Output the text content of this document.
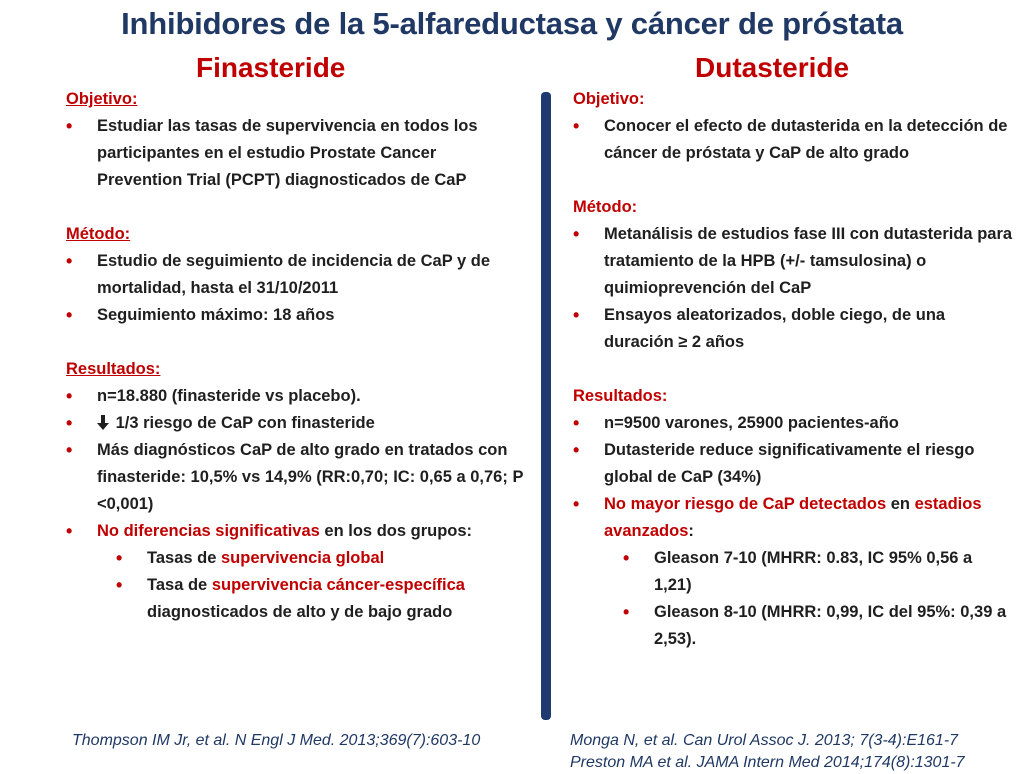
Inhibidores de la 5-alfareductasa y cáncer de próstata
Finasteride	Dutasteride

Objetivo:

• Estudiar las tasas de supervivencia en todos los participantes en el estudio Prostate Cancer Prevention Trial (PCPT) diagnosticados de CaP

Método:

• Estudio de seguimiento de incidencia de CaP y de mortalidad, hasta el 31/10/2011
• Seguimiento máximo: 18 años

Resultados:

• n=18.880 (finasteride vs placebo).
• 1/3 riesgo de CaP con finasteride
• Más diagnósticos CaP de alto grado en tratados con finasteride: 10,5% vs 14,9% (RR:0,70; IC: 0,65 a 0,76; P <0,001)
• No diferencias significativas en los dos grupos:
• Tasas de supervivencia global
• Tasa de supervivencia cáncer-específica diagnosticados de alto y de bajo grado

Objetivo:

• Conocer el efecto de dutasterida en la detección de cáncer de próstata y CaP de alto grado

Método:

• Metanálisis de estudios fase III con dutasterida para tratamiento de la HPB (+/- tamsulosina) o quimioprevención del CaP
• Ensayos aleatorizados, doble ciego, de una duración ≥ 2 años

Resultados:

• n=9500 varones, 25900 pacientes-año
• Dutasteride reduce significativamente el riesgo global de CaP (34%)
• No mayor riesgo de CaP detectados en estadios avanzados:
• Gleason 7-10 (MHRR: 0.83, IC 95% 0,56 a 1,21)
• Gleason 8-10 (MHRR: 0,99, IC del 95%: 0,39 a 2,53).
Thompson IM Jr, et al. N Engl J Med. 2013;369(7):603-10	Monga N, et al. Can Urol Assoc J. 2013; 7(3-4):E161-7
Preston MA et al. JAMA Intern Med 2014;174(8):1301-7
